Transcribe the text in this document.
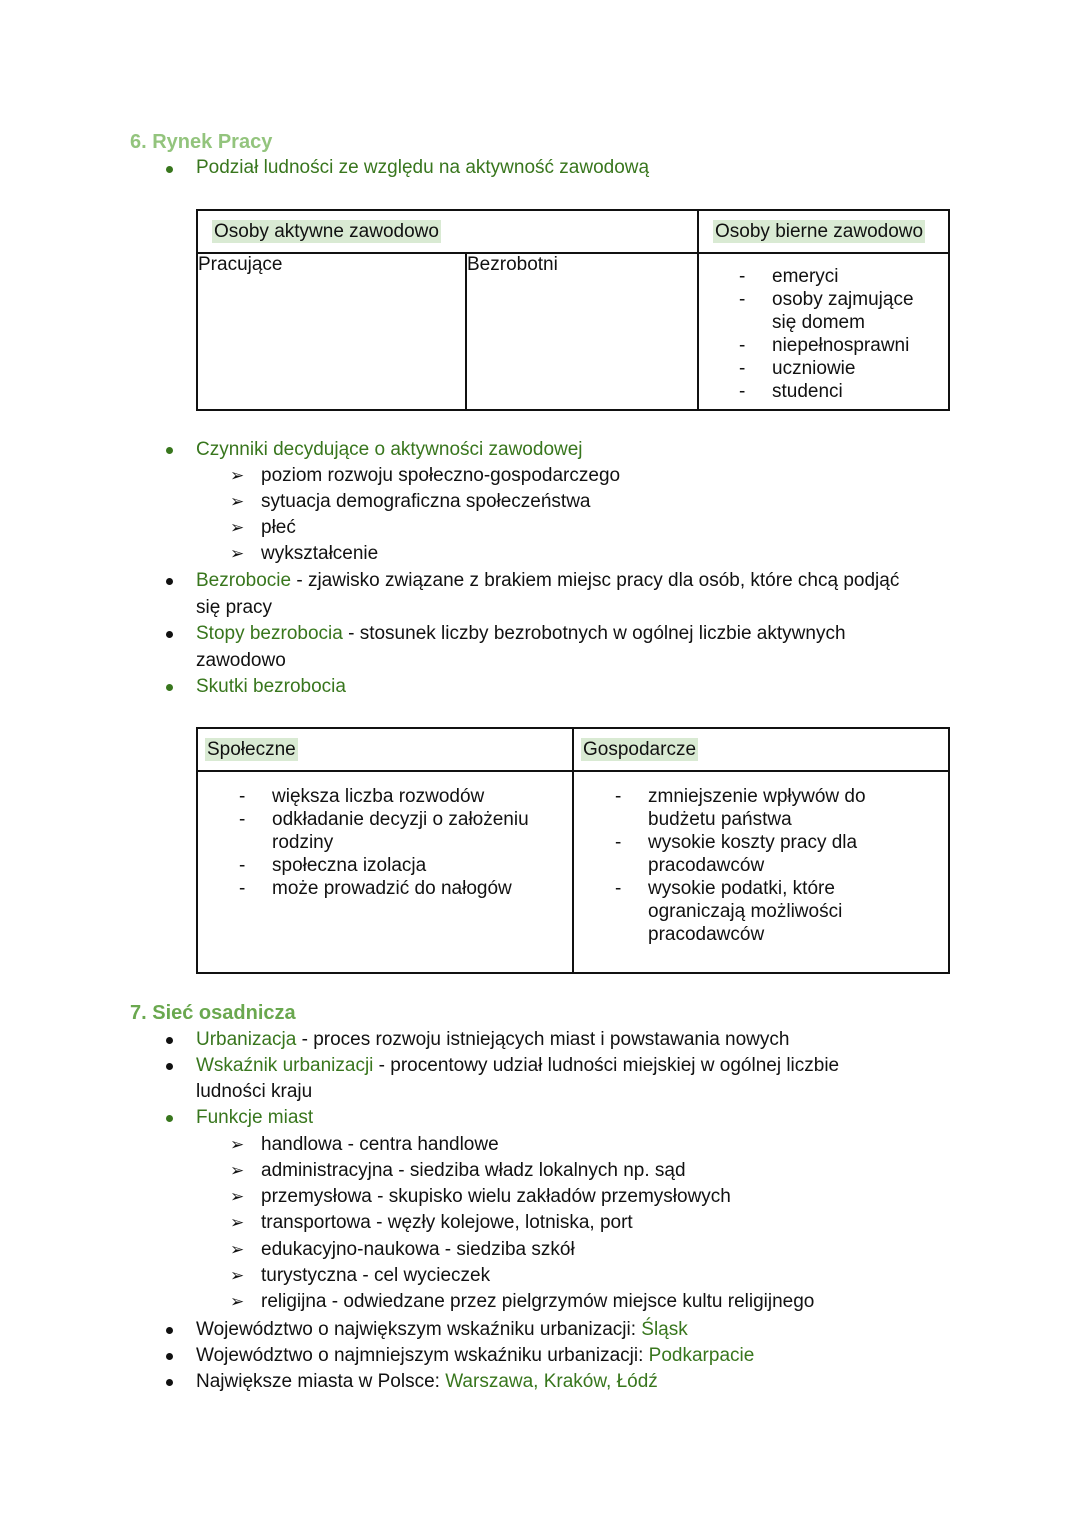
6. Rynek Pracy
Podział ludności ze względu na aktywność zawodową
Osoby aktywne zawodowo		Osoby bierne zawodowo
Pracujące	Bezrobotni	
- emeryci
- osoby zajmujące się domem
- niepełnosprawni
- uczniowie
- studenci
Czynniki decydujące o aktywności zawodowej
➢ poziom rozwoju społeczno-gospodarczego
➢ sytuacja demograficzna społeczeństwa
➢ płeć
➢ wykształcenie
Bezrobocie - zjawisko związane z brakiem miejsc pracy dla osób, które chcą podjąć
się pracy
Stopy bezrobocia - stosunek liczby bezrobotnych w ogólnej liczbie aktywnych
zawodowo
Skutki bezrobocia
Społeczne	Gospodarcze

- większa liczba rozwodów
- odkładanie decyzji o założeniu rodziny
- społeczna izolacja
- może prowadzić do nałogów

- zmniejszenie wpływów do budżetu państwa
- wysokie koszty pracy dla pracodawców
- wysokie podatki, które ograniczają możliwości pracodawców
7. Sieć osadnicza
Urbanizacja - proces rozwoju istniejących miast i powstawania nowych
Wskaźnik urbanizacji - procentowy udział ludności miejskiej w ogólnej liczbie
ludności kraju
Funkcje miast
➢ handlowa - centra handlowe
➢ administracyjna - siedziba władz lokalnych np. sąd
➢ przemysłowa - skupisko wielu zakładów przemysłowych
➢ transportowa - węzły kolejowe, lotniska, port
➢ edukacyjno-naukowa - siedziba szkół
➢ turystyczna - cel wycieczek
➢ religijna - odwiedzane przez pielgrzymów miejsce kultu religijnego
Województwo o największym wskaźniku urbanizacji: Śląsk
Województwo o najmniejszym wskaźniku urbanizacji: Podkarpacie
Największe miasta w Polsce: Warszawa, Kraków, Łódź
